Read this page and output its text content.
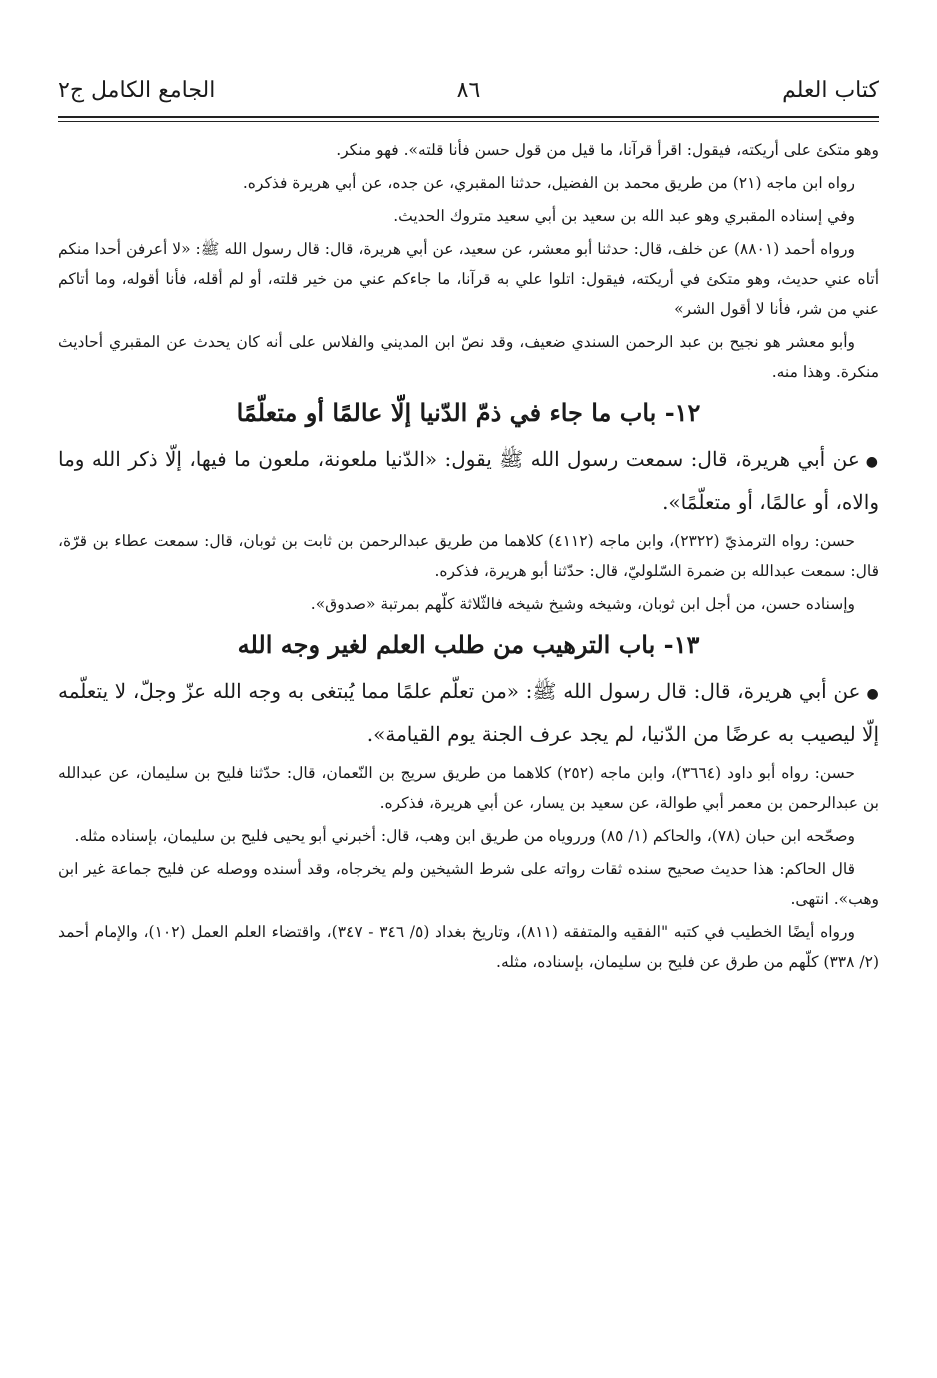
كتاب العلم
٨٦
الجامع الكامل ج٢

وهو متكئ على أريكته، فيقول: اقرأ قرآنا، ما قيل من قول حسن فأنا قلته». فهو منكر.

رواه ابن ماجه (٢١) من طريق محمد بن الفضيل، حدثنا المقبري، عن جده، عن أبي هريرة فذكره.

وفي إسناده المقبري وهو عبد الله بن سعيد بن أبي سعيد متروك الحديث.

ورواه أحمد (٨٨٠١) عن خلف، قال: حدثنا أبو معشر، عن سعيد، عن أبي هريرة، قال: قال رسول الله ﷺ: «لا أعرفن أحدا منكم أتاه عني حديث، وهو متكئ في أريكته، فيقول: اتلوا علي به قرآنا، ما جاءكم عني من خير قلته، أو لم أقله، فأنا أقوله، وما أتاكم عني من شر، فأنا لا أقول الشر»

وأبو معشر هو نجيح بن عبد الرحمن السندي ضعيف، وقد نصّ ابن المديني والفلاس على أنه كان يحدث عن المقبري أحاديث منكرة. وهذا منه.

١٢- باب ما جاء في ذمّ الدّنيا إلّا عالمًا أو متعلّمًا

●عن أبي هريرة، قال: سمعت رسول الله ﷺ يقول: «الدّنيا ملعونة، ملعون ما فيها، إلّا ذكر الله وما والاه، أو عالمًا، أو متعلّمًا».

حسن: رواه الترمذيّ (٢٣٢٢)، وابن ماجه (٤١١٢) كلاهما من طريق عبدالرحمن بن ثابت بن ثوبان، قال: سمعت عطاء بن قرّة، قال: سمعت عبدالله بن ضمرة السّلوليّ، قال: حدّثنا أبو هريرة، فذكره.

وإسناده حسن، من أجل ابن ثوبان، وشيخه وشيخ شيخه فالثّلاثة كلّهم بمرتبة «صدوق».

١٣- باب الترهيب من طلب العلم لغير وجه الله

●عن أبي هريرة، قال: قال رسول الله ﷺ: «من تعلّم علمًا مما يُبتغى به وجه الله عزّ وجلّ، لا يتعلّمه إلّا ليصيب به عرضًا من الدّنيا، لم يجد عرف الجنة يوم القيامة».

حسن: رواه أبو داود (٣٦٦٤)، وابن ماجه (٢٥٢) كلاهما من طريق سريج بن النّعمان، قال: حدّثنا فليح بن سليمان، عن عبدالله بن عبدالرحمن بن معمر أبي طوالة، عن سعيد بن يسار، عن أبي هريرة، فذكره.

وصحّحه ابن حبان (٧٨)، والحاكم (١/ ٨٥) ورروياه من طريق ابن وهب، قال: أخبرني أبو يحيى فليح بن سليمان، بإسناده مثله.

قال الحاكم: هذا حديث صحيح سنده ثقات رواته على شرط الشيخين ولم يخرجاه، وقد أسنده ووصله عن فليح جماعة غير ابن وهب». انتهى.

ورواه أيضًا الخطيب في كتبه "الفقيه والمتفقه (٨١١)، وتاريخ بغداد (٥/ ٣٤٦ - ٣٤٧)، واقتضاء العلم العمل (١٠٢)، والإمام أحمد (٢/ ٣٣٨) كلّهم من طرق عن فليح بن سليمان، بإسناده، مثله.
